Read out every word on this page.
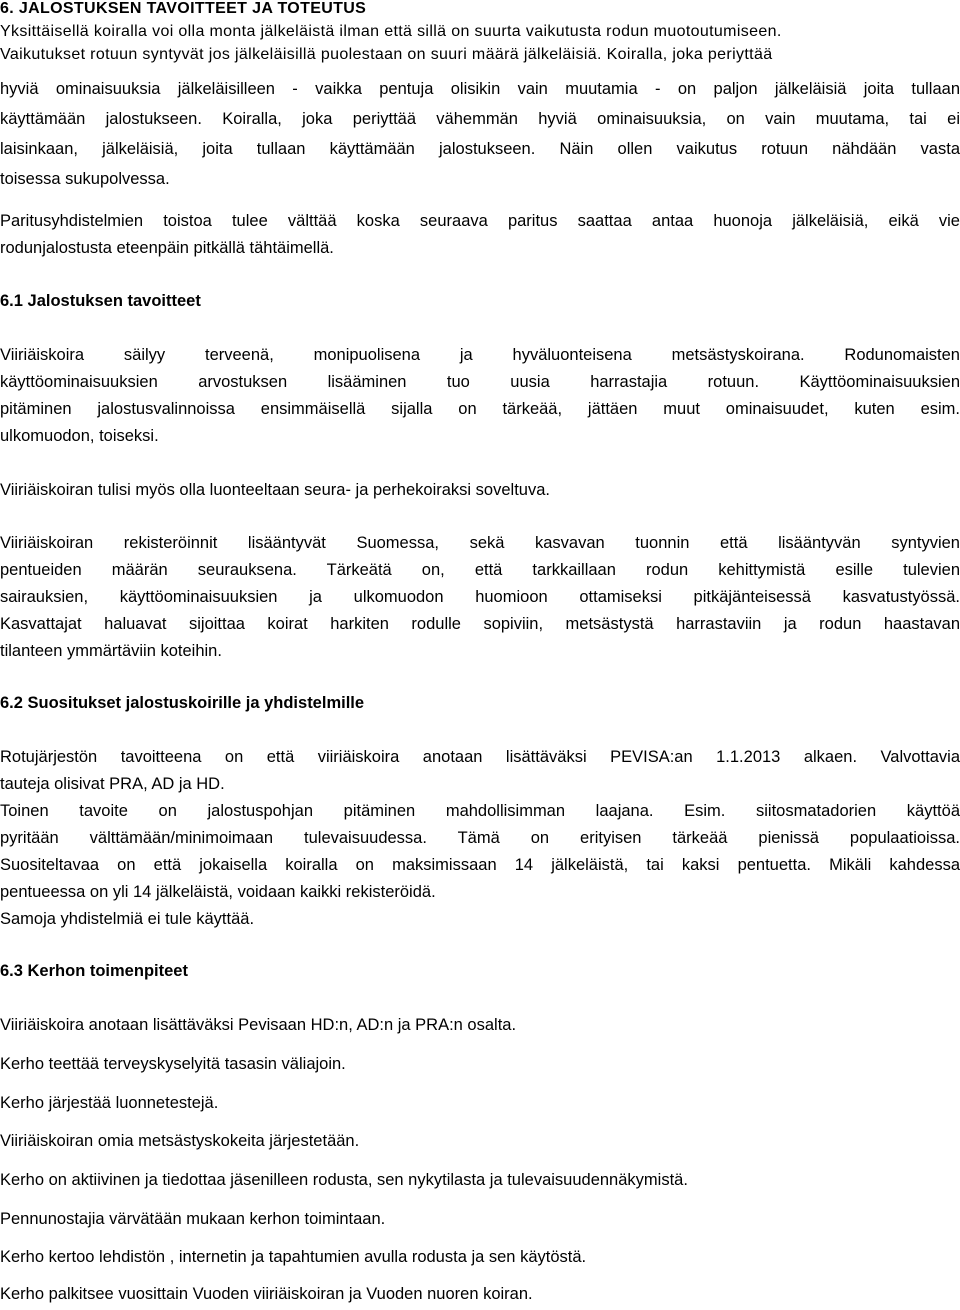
6. JALOSTUKSEN TAVOITTEET JA TOTEUTUS
Yksittäisellä koiralla voi olla monta jälkeläistä ilman että sillä on suurta vaikutusta rodun muotoutumiseen.
Vaikutukset rotuun syntyvät jos jälkeläisillä puolestaan on suuri määrä jälkeläisiä. Koiralla, joka periyttää
hyviä ominaisuuksia jälkeläisilleen - vaikka pentuja olisikin vain muutamia - on paljon jälkeläisiä joita tullaan
käyttämään jalostukseen. Koiralla, joka periyttää vähemmän hyviä ominaisuuksia, on vain muutama, tai ei
laisinkaan, jälkeläisiä, joita tullaan käyttämään jalostukseen. Näin ollen vaikutus rotuun nähdään vasta
toisessa sukupolvessa.
Paritusyhdistelmien toistoa tulee välttää koska seuraava paritus saattaa antaa huonoja jälkeläisiä, eikä vie
rodunjalostusta eteenpäin pitkällä tähtäimellä.
6.1 Jalostuksen tavoitteet
Viiriäiskoira säilyy terveenä, monipuolisena ja hyväluonteisena metsästyskoirana. Rodunomaisten
käyttöominaisuuksien arvostuksen lisääminen tuo uusia harrastajia rotuun. Käyttöominaisuuksien
pitäminen jalostusvalinnoissa ensimmäisellä sijalla on tärkeää, jättäen muut ominaisuudet, kuten esim.
ulkomuodon, toiseksi.
Viiriäiskoiran tulisi myös olla luonteeltaan seura- ja perhekoiraksi soveltuva.
Viiriäiskoiran rekisteröinnit lisääntyvät Suomessa, sekä kasvavan tuonnin että lisääntyvän syntyvien
pentueiden määrän seurauksena. Tärkeätä on, että tarkkaillaan rodun kehittymistä esille tulevien
sairauksien, käyttöominaisuuksien ja ulkomuodon huomioon ottamiseksi pitkäjänteisessä kasvatustyössä.
Kasvattajat haluavat sijoittaa koirat harkiten rodulle sopiviin, metsästystä harrastaviin ja rodun haastavan
tilanteen ymmärtäviin koteihin.
6.2 Suositukset jalostuskoirille ja yhdistelmille
Rotujärjestön tavoitteena on että viiriäiskoira anotaan lisättäväksi PEVISA:an 1.1.2013 alkaen. Valvottavia
tauteja olisivat PRA, AD ja HD.
Toinen tavoite on jalostuspohjan pitäminen mahdollisimman laajana. Esim. siitosmatadorien käyttöä
pyritään välttämään/minimoimaan tulevaisuudessa. Tämä on erityisen tärkeää pienissä populaatioissa.
Suositeltavaa on että jokaisella koiralla on maksimissaan 14 jälkeläistä, tai kaksi pentuetta. Mikäli kahdessa
pentueessa on yli 14 jälkeläistä, voidaan kaikki rekisteröidä.
Samoja yhdistelmiä ei tule käyttää.
6.3 Kerhon toimenpiteet
Viiriäiskoira anotaan lisättäväksi Pevisaan HD:n, AD:n ja PRA:n osalta.
Kerho teettää terveyskyselyitä tasasin väliajoin.
Kerho järjestää luonnetestejä.
Viiriäiskoiran omia metsästyskokeita järjestetään.
Kerho on aktiivinen ja tiedottaa jäsenilleen rodusta, sen nykytilasta ja tulevaisuudennäkymistä.
Pennunostajia värvätään mukaan kerhon toimintaan.
Kerho kertoo lehdistön , internetin ja tapahtumien avulla rodusta ja sen käytöstä.
Kerho palkitsee vuosittain Vuoden viiriäiskoiran ja Vuoden nuoren koiran.
